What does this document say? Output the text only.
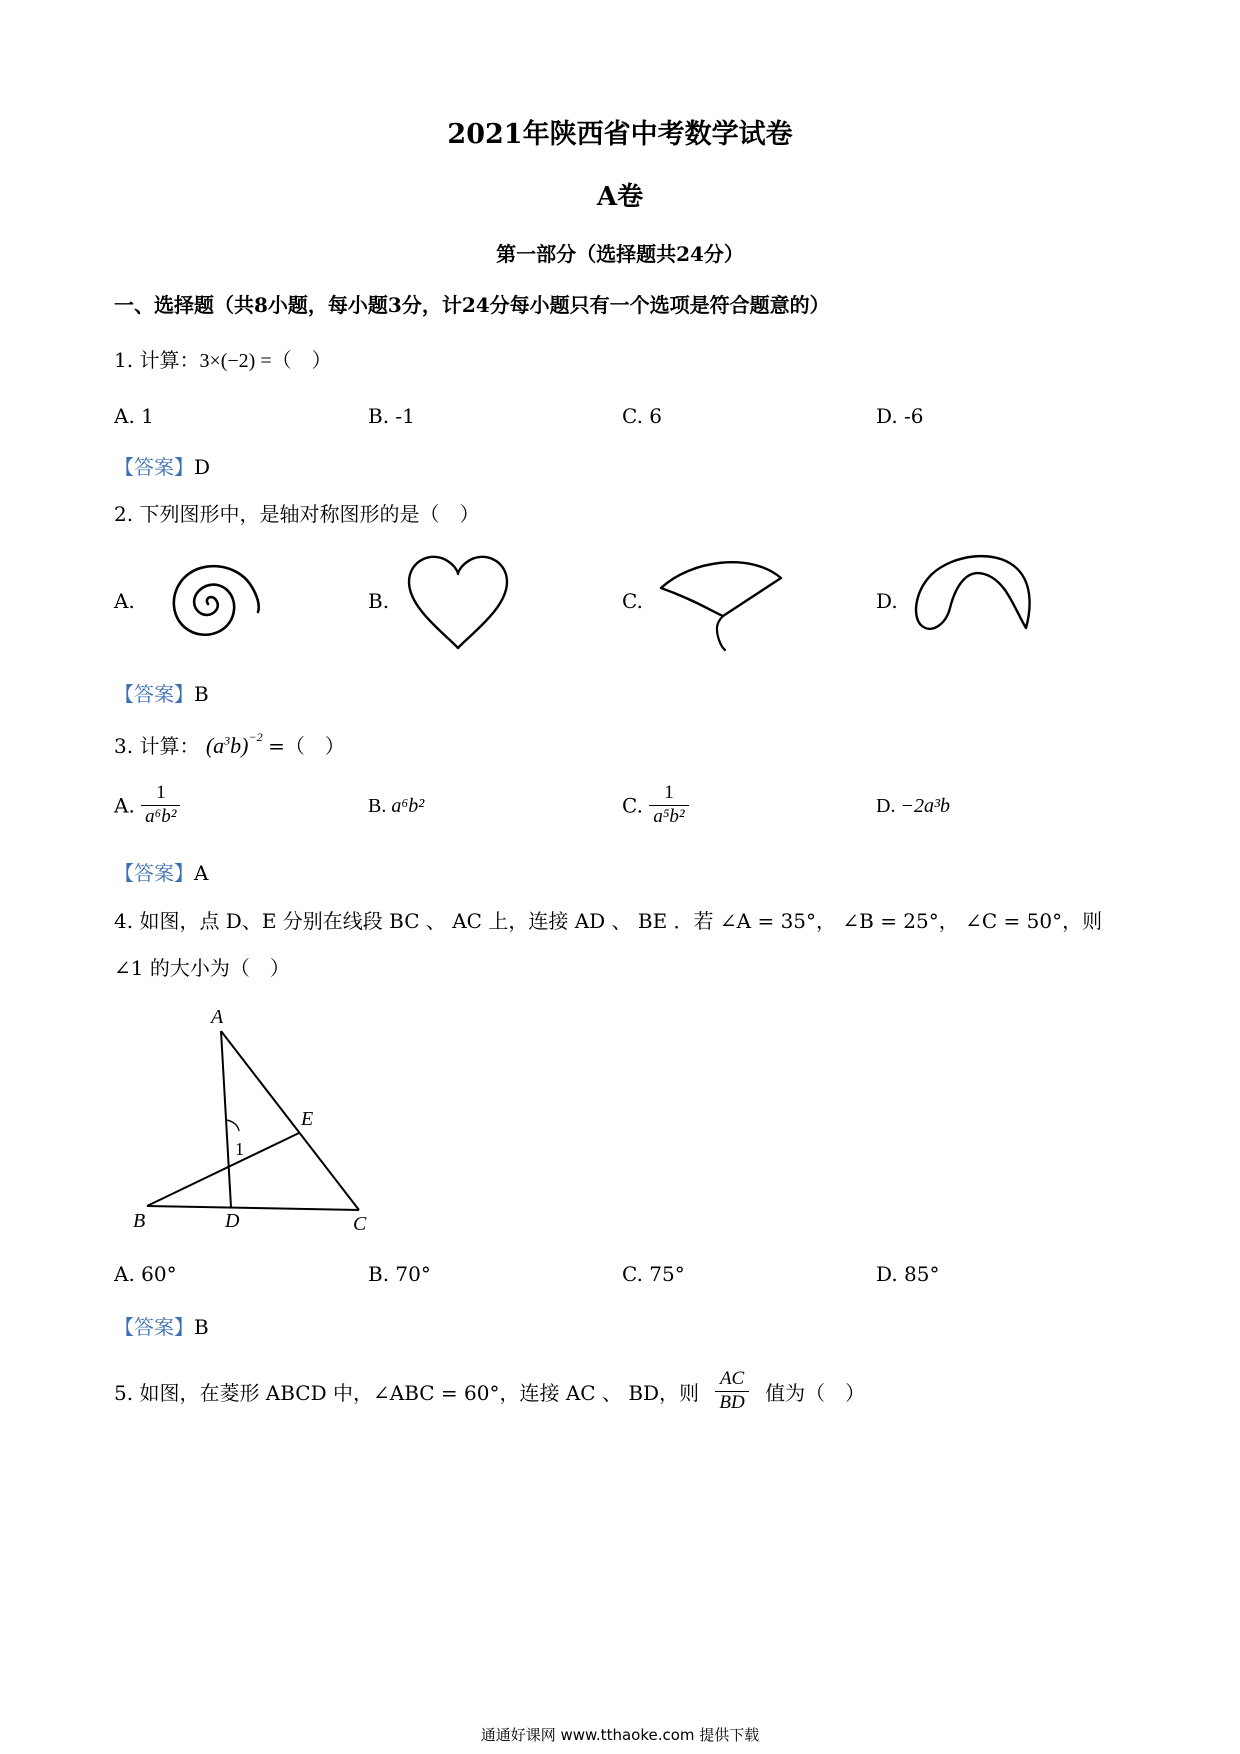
2021年陕西省中考数学试卷
A卷
第一部分（选择题共24分）
一、选择题（共8小题，每小题3分，计24分每小题只有一个选项是符合题意的）
1. 计算：3×(−2) =（　）
A. 1	B. -1	C. 6	D. -6
【答案】D
2. 下列图形中，是轴对称图形的是（　）
A.	B.	C.	D.
【答案】B
3. 计算： $(a^3b)^{-2}$ =（　）
A. $\frac{1}{\text{a⁶b²}}$	B. a⁶b²	C. $\frac{1}{\text{a⁵b²}}$	D. −2a³b
【答案】A
4. 如图，点 D、E 分别在线段 BC 、 AC 上，连接 AD 、 BE ．若 ∠A = 35°， ∠B = 25°， ∠C = 50°，则
∠1 的大小为（　）
A
B	D	C
E
1
A. 60°	B. 70°	C. 75°	D. 85°
【答案】B
5. 如图，在菱形 ABCD 中，∠ABC = 60°，连接 AC 、 BD，则 $\frac{AC}{BD}$ 值为（　）
通通好课网 www.tthaoke.com 提供下载
